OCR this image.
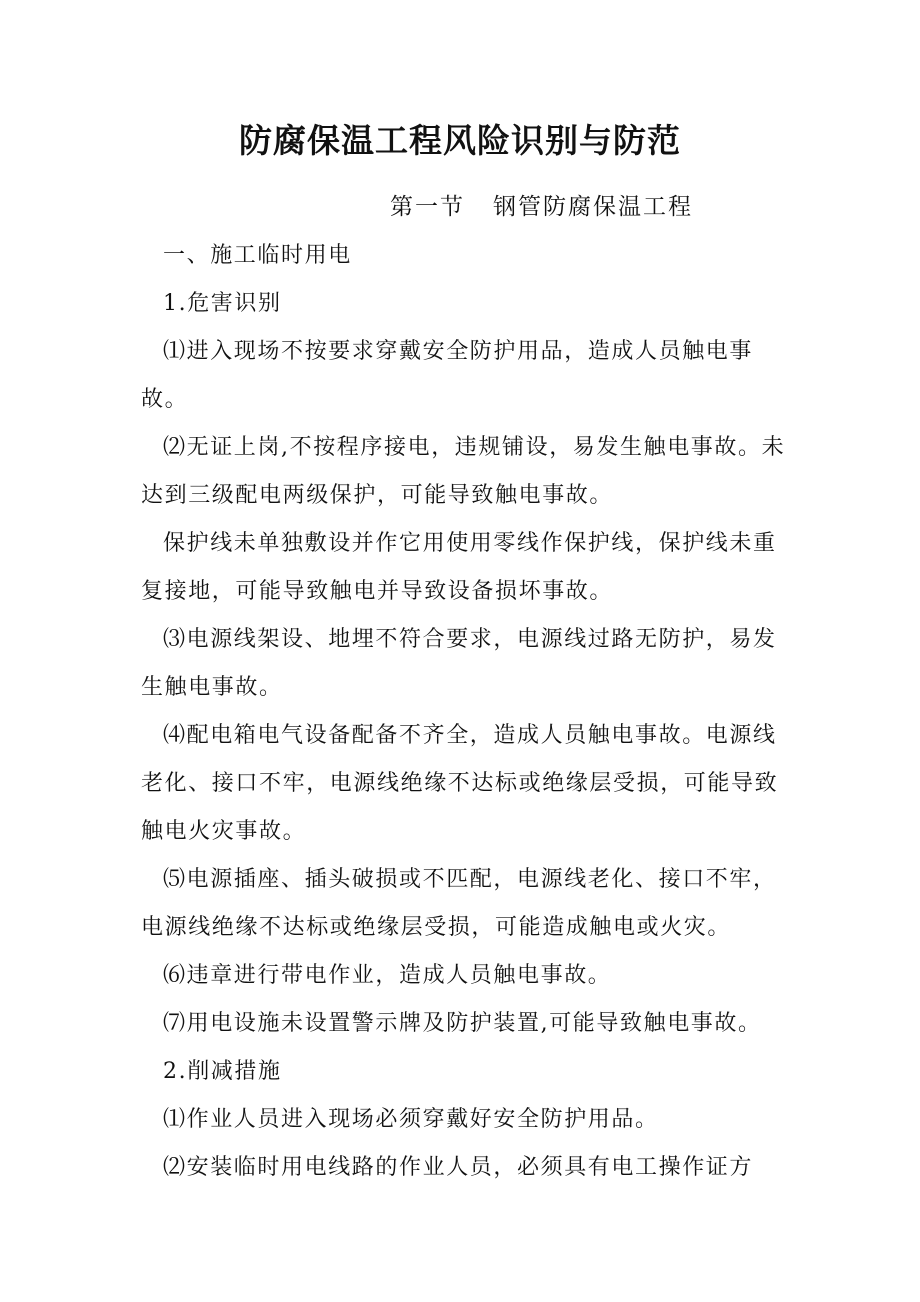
防腐保温工程风险识别与防范

第一节 钢管防腐保温工程

一、施工临时用电

1.危害识别

⑴进入现场不按要求穿戴安全防护用品，造成人员触电事故。

⑵无证上岗,不按程序接电，违规铺设，易发生触电事故。未达到三级配电两级保护，可能导致触电事故。

保护线未单独敷设并作它用使用零线作保护线，保护线未重复接地，可能导致触电并导致设备损坏事故。

⑶电源线架设、地埋不符合要求，电源线过路无防护，易发生触电事故。

⑷配电箱电气设备配备不齐全，造成人员触电事故。电源线老化、接口不牢，电源线绝缘不达标或绝缘层受损，可能导致触电火灾事故。

⑸电源插座、插头破损或不匹配，电源线老化、接口不牢，电源线绝缘不达标或绝缘层受损，可能造成触电或火灾。

⑹违章进行带电作业，造成人员触电事故。

⑺用电设施未设置警示牌及防护装置,可能导致触电事故。

2.削减措施

⑴作业人员进入现场必须穿戴好安全防护用品。

⑵安装临时用电线路的作业人员，必须具有电工操作证方
